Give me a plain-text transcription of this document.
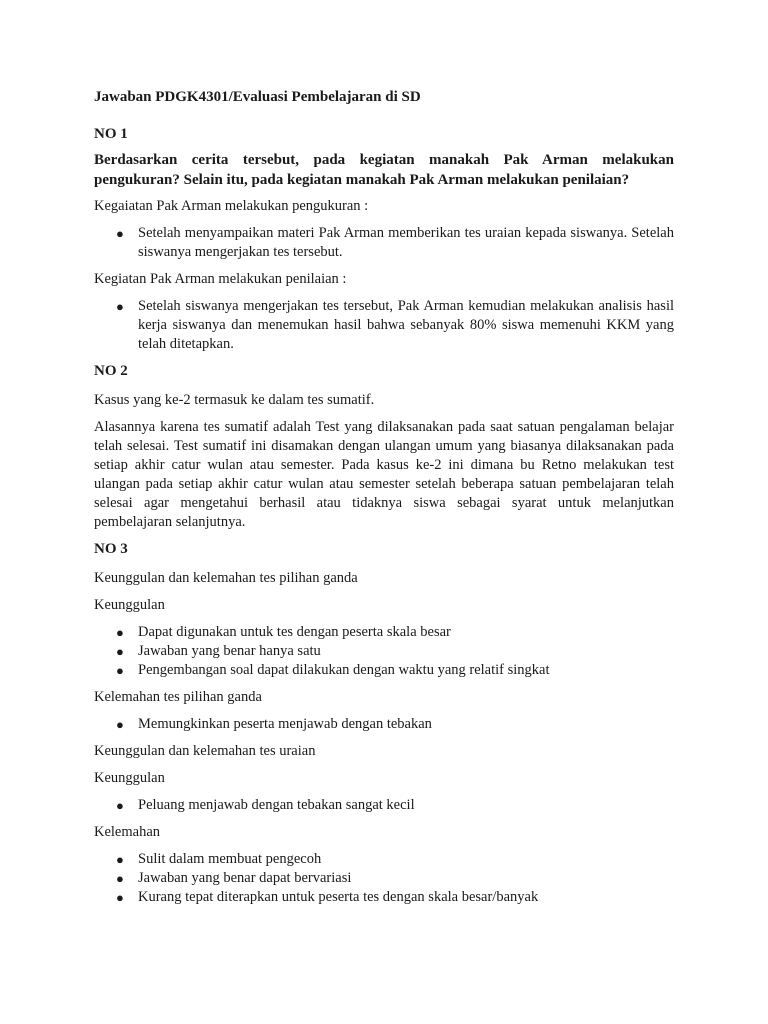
Jawaban PDGK4301/Evaluasi Pembelajaran di SD
NO 1
Berdasarkan cerita tersebut, pada kegiatan manakah Pak Arman melakukan pengukuran? Selain itu, pada kegiatan manakah Pak Arman melakukan penilaian?

Kegaiatan Pak Arman melakukan pengukuran :

● Setelah menyampaikan materi Pak Arman memberikan tes uraian kepada siswanya. Setelah siswanya mengerjakan tes tersebut.

Kegiatan Pak Arman melakukan penilaian :

● Setelah siswanya mengerjakan tes tersebut, Pak Arman kemudian melakukan analisis hasil kerja siswanya dan menemukan hasil bahwa sebanyak 80% siswa memenuhi KKM yang telah ditetapkan.
NO 2

Kasus yang ke-2 termasuk ke dalam tes sumatif.

Alasannya karena tes sumatif adalah Test yang dilaksanakan pada saat satuan pengalaman belajar telah selesai. Test sumatif ini disamakan dengan ulangan umum yang biasanya dilaksanakan pada setiap akhir catur wulan atau semester. Pada kasus ke-2 ini dimana bu Retno melakukan test ulangan pada setiap akhir catur wulan atau semester setelah beberapa satuan pembelajaran telah selesai agar mengetahui berhasil atau tidaknya siswa sebagai syarat untuk melanjutkan pembelajaran selanjutnya.

NO 3

Keunggulan dan kelemahan tes pilihan ganda

Keunggulan

● Dapat digunakan untuk tes dengan peserta skala besar
● Jawaban yang benar hanya satu
● Pengembangan soal dapat dilakukan dengan waktu yang relatif singkat

Kelemahan tes pilihan ganda

● Memungkinkan peserta menjawab dengan tebakan

Keunggulan dan kelemahan tes uraian

Keunggulan

● Peluang menjawab dengan tebakan sangat kecil

Kelemahan

● Sulit dalam membuat pengecoh
● Jawaban yang benar dapat bervariasi
● Kurang tepat diterapkan untuk peserta tes dengan skala besar/banyak
